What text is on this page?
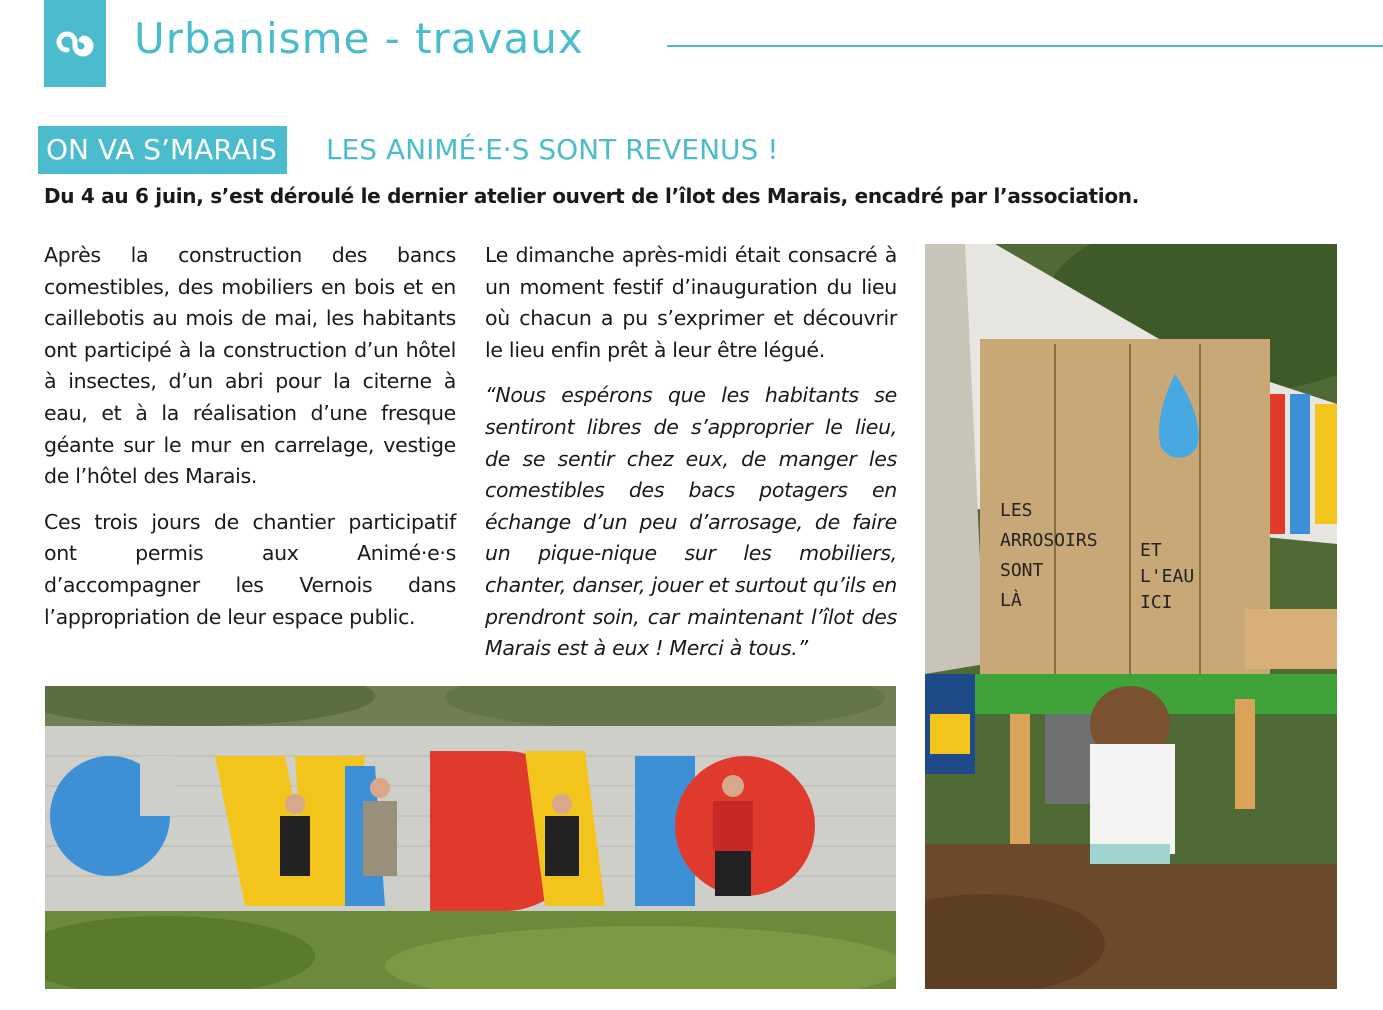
Urbanisme - travaux
ON VA S’MARAIS	LES ANIMÉ·E·S SONT REVENUS !
Du 4 au 6 juin, s’est déroulé le dernier atelier ouvert de l’îlot des Marais, encadré par l’association.

Après la construction des bancs comestibles, des mobiliers en bois et en caillebotis au mois de mai, les habitants ont participé à la construction d’un hôtel à insectes, d’un abri pour la citerne à eau, et à la réalisation d’une fresque géante sur le mur en carrelage, vestige de l’hôtel des Marais.

Ces trois jours de chantier participatif ont permis aux Animé·e·s d’accompagner les Vernois dans l’appropriation de leur espace public.

Le dimanche après-midi était consacré à un moment festif d’inauguration du lieu où chacun a pu s’exprimer et découvrir le lieu enfin prêt à leur être légué.

“Nous espérons que les habitants se sentiront libres de s’approprier le lieu, de se sentir chez eux, de manger les comestibles des bacs potagers en échange d’un peu d’arrosage, de faire un pique-nique sur les mobiliers, chanter, danser, jouer et surtout qu’ils en prendront soin, car maintenant l’îlot des Marais est à eux ! Merci à tous.”

LES
ARROSOIRS
SONT
LÀ
ET
L'EAU
ICI
